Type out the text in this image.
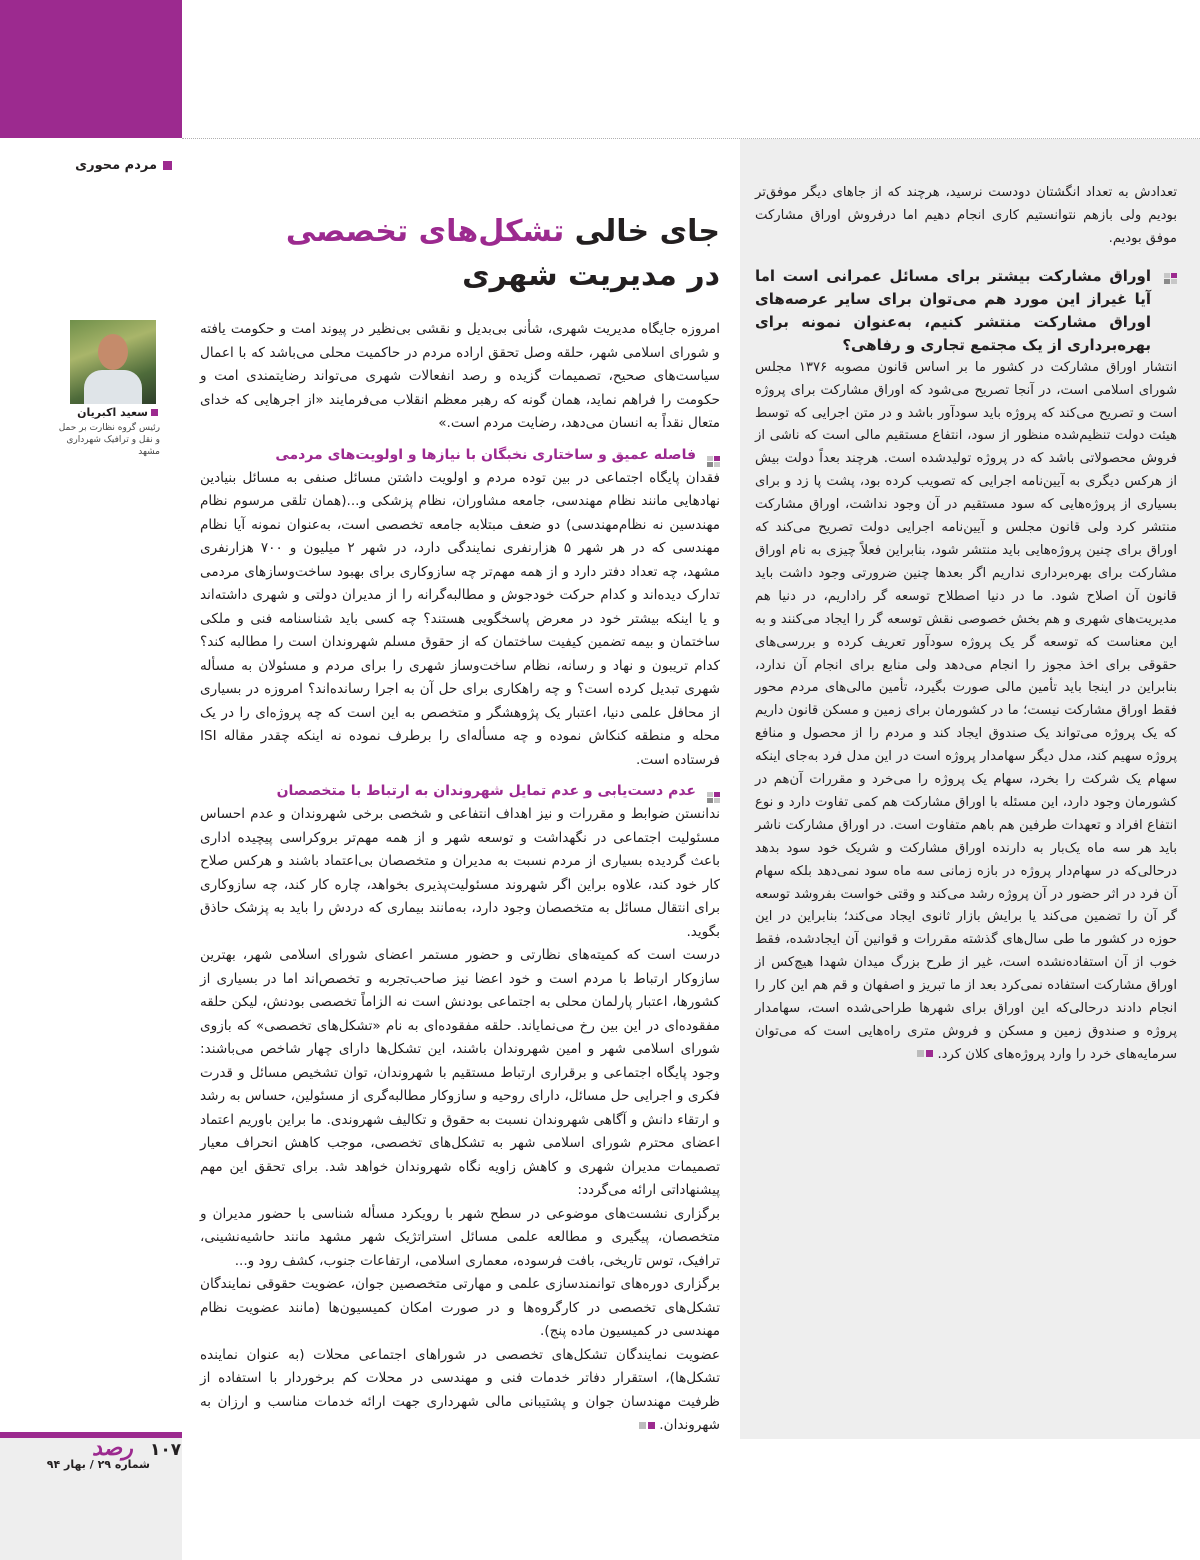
مردم محوری
جای خالی تشکل‌های تخصصی
در مدیریت شهری
سعید اکبریان
رئیس گروه نظارت بر حمل و نقل و ترافیک شهرداری مشهد

امروزه جایگاه مدیریت شهری، شأنی بی‌بدیل و نقشی بی‌نظیر در پیوند امت و حکومت یافته و شورای اسلامی شهر، حلقه وصل تحقق اراده مردم در حاکمیت محلی می‌باشد که با اعمال سیاست‌های صحیح، تصمیمات گزیده و رصد انفعالات شهری می‌تواند رضایتمندی امت و حکومت را فراهم نماید، همان گونه که رهبر معظم انقلاب می‌فرمایند «از اجرهایی که خدای متعال نقداً به انسان می‌دهد، رضایت مردم است.»

فاصله عمیق و ساختاری نخبگان با نیازها و اولویت‌های مردمی

فقدان پایگاه اجتماعی در بین توده مردم و اولویت داشتن مسائل صنفی به مسائل بنیادین نهادهایی مانند نظام مهندسی، جامعه مشاوران، نظام پزشکی و...(همان تلقی مرسوم نظام مهندسین نه نظام‌مهندسی) دو ضعف مبتلابه جامعه تخصصی است، به‌عنوان نمونه آیا نظام مهندسی که در هر شهر ۵ هزارنفری نمایندگی دارد، در شهر ۲ میلیون و ۷۰۰ هزارنفری مشهد، چه تعداد دفتر دارد و از همه مهم‌تر چه سازوکاری برای بهبود ساخت‌وسازهای مردمی تدارک دیده‌اند و کدام حرکت خودجوش و مطالبه‌گرانه را از مدیران دولتی و شهری داشته‌اند و یا اینکه بیشتر خود در معرض پاسخگویی هستند؟ چه کسی باید شناسنامه فنی و ملکی ساختمان و بیمه تضمین کیفیت ساختمان که از حقوق مسلم شهروندان است را مطالبه کند؟ کدام تریبون و نهاد و رسانه، نظام ساخت‌وساز شهری را برای مردم و مسئولان به مسأله شهری تبدیل کرده است؟ و چه راهکاری برای حل آن به اجرا رسانده‌اند؟ امروزه در بسیاری از محافل علمی دنیا، اعتبار یک پژوهشگر و متخصص به این است که چه پروژه‌ای را در یک محله و منطقه کنکاش نموده و چه مسأله‌ای را برطرف نموده نه اینکه چقدر مقاله ISI فرستاده است.

عدم دست‌یابی و عدم تمایل شهروندان به ارتباط با متخصصان

ندانستن ضوابط و مقررات و نیز اهداف انتفاعی و شخصی برخی شهروندان و عدم احساس مسئولیت اجتماعی در نگهداشت و توسعه شهر و از همه مهم‌تر بروکراسی پیچیده اداری باعث گردیده بسیاری از مردم نسبت به مدیران و متخصصان بی‌اعتماد باشند و هرکس صلاح کار خود کند، علاوه براین اگر شهروند مسئولیت‌پذیری بخواهد، چاره کار کند، چه سازوکاری برای انتقال مسائل به متخصصان وجود دارد، به‌مانند بیماری که درد‌ش را باید به پزشک حاذق بگوید.

درست است که کمیته‌های نظارتی و حضور مستمر اعضای شورای اسلامی شهر، بهترین سازوکار ارتباط با مردم است و خود اعضا نیز صاحب‌تجربه و تخصص‌اند اما در بسیاری از کشورها، اعتبار پارلمان محلی به اجتماعی بودنش است نه الزاماً تخصصی بودنش، لیکن حلقه مفقوده‌ای در این بین رخ می‌نمایاند. حلقه مفقوده‌ای به نام «تشکل‌های تخصصی» که بازوی شورای اسلامی شهر و امین شهروندان باشند، این تشکل‌ها دارای چهار شاخص می‌باشند: وجود پایگاه اجتماعی و برقراری ارتباط مستقیم با شهروندان، توان تشخیص مسائل و قدرت فکری و اجرایی حل مسائل، دارای روحیه و سازوکار مطالبه‌گری از مسئولین، حساس به رشد و ارتقاء دانش و آگاهی شهروندان نسبت به حقوق و تکالیف شهروندی. ما براین باوریم اعتماد اعضای محترم شورای اسلامی شهر به تشکل‌های تخصصی، موجب کاهش انحراف معیار تصمیمات مدیران شهری و کاهش زاویه نگاه شهروندان خواهد شد. برای تحقق این مهم پیشنهاداتی ارائه می‌گردد:

برگزاری نشست‌های موضوعی در سطح شهر با رویکرد مسأله شناسی با حضور مدیران و متخصصان، پیگیری و مطالعه علمی مسائل استراتژیک شهر مشهد مانند حاشیه‌نشینی، ترافیک، توس تاریخی، بافت فرسوده، معماری اسلامی، ارتفاعات جنوب، کشف رود و...

برگزاری دوره‌های توانمندسازی علمی و مهارتی متخصصین جوان، عضویت حقوقی نمایندگان تشکل‌های تخصصی در کارگروه‌ها و در صورت امکان کمیسیون‌ها (مانند عضویت نظام مهندسی در کمیسیون ماده پنج).

عضویت نمایندگان تشکل‌های تخصصی در شوراهای اجتماعی محلات (به عنوان نماینده تشکل‌ها)، استقرار دفاتر خدمات فنی و مهندسی در محلات کم برخوردار با استفاده از ظرفیت مهندسان جوان و پشتیبانی مالی شهرداری جهت ارائه خدمات مناسب و ارزان به شهروندان.

تعدادش به تعداد انگشتان دودست نرسید، هرچند که از جاهای دیگر موفق‌تر بودیم ولی بازهم نتوانستیم کاری انجام دهیم اما درفروش اوراق مشارکت موفق بودیم.

اوراق مشارکت بیشتر برای مسائل عمرانی است اما آیا غیراز این مورد هم می‌توان برای سایر عرصه‌های اوراق مشارکت منتشر کنیم، به‌عنوان نمونه برای بهره‌برداری از یک مجتمع تجاری و رفاهی؟

انتشار اوراق مشارکت در کشور ما بر اساس قانون مصوبه ۱۳۷۶ مجلس شورای اسلامی است، در آنجا تصریح می‌شود که اوراق مشارکت برای پروژه است و تصریح می‌کند که پروژه باید سودآور باشد و در متن اجرایی که توسط هیئت دولت تنظیم‌شده منظور از سود، انتفاع مستقیم مالی است که ناشی از فروش محصولاتی باشد که در پروژه تولیدشده است. هرچند بعداً دولت بیش از هرکس دیگری به آیین‌نامه اجرایی که تصویب کرده بود، پشت پا زد و برای بسیاری از پروژه‌هایی که سود مستقیم در آن وجود نداشت، اوراق مشارکت منتشر کرد ولی قانون مجلس و آیین‌نامه اجرایی دولت تصریح می‌کند که اوراق برای چنین پروژه‌هایی باید منتشر شود، بنابراین فعلاً چیزی به نام اوراق مشارکت برای بهره‌برداری نداریم اگر بعدها چنین ضرورتی وجود داشت باید قانون آن اصلاح شود. ما در دنیا اصطلاح توسعه گر راداریم، در دنیا هم مدیریت‌های شهری و هم بخش خصوصی نقش توسعه گر را ایجاد می‌کنند و به این معناست که توسعه گر یک پروژه سودآور تعریف کرده و بررسی‌های حقوقی برای اخذ مجوز را انجام می‌دهد ولی منابع برای انجام آن ندارد، بنابراین در اینجا باید تأمین مالی صورت بگیرد، تأمین مالی‌های مردم محور فقط اوراق مشارکت نیست؛ ما در کشورمان برای زمین و مسکن قانون داریم که یک پروژه می‌تواند یک صندوق ایجاد کند و مردم را از محصول و منافع پروژه سهیم کند، مدل دیگر سهامدار پروژه است در این مدل فرد به‌جای اینکه سهام یک شرکت را بخرد، سهام یک پروژه را می‌خرد و مقررات آن‌هم در کشورمان وجود دارد، این مسئله با اوراق مشارکت هم کمی تفاوت دارد و نوع انتفاع افراد و تعهدات طرفین هم باهم متفاوت است. در اوراق مشارکت ناشر باید هر سه ماه یک‌بار به دارنده اوراق مشارکت و شریک خود سود بدهد درحالی‌که در سهام‌دار پروژه در بازه زمانی سه ماه سود نمی‌دهد بلکه سهام آن فرد در اثر حضور در آن پروژه رشد می‌کند و وقتی خواست بفروشد توسعه گر آن را تضمین می‌کند یا برایش بازار ثانوی ایجاد می‌کند؛ بنابراین در این حوزه در کشور ما طی سال‌های گذشته مقررات و قوانین آن ایجادشده، فقط خوب از آن استفاده‌نشده است، غیر از طرح بزرگ میدان شهدا هیچ‌کس از اوراق مشارکت استفاده نمی‌کرد بعد از ما تبریز و اصفهان و قم هم این کار را انجام دادند درحالی‌که این اوراق برای شهرها طراحی‌شده است، سهامدار پروژه و صندوق زمین و مسکن و فروش متری راه‌هایی است که می‌توان سرمایه‌های خرد را وارد پروژه‌های کلان کرد.

۱۰۷
رصد
شماره ۲۹ / بهار ۹۴
